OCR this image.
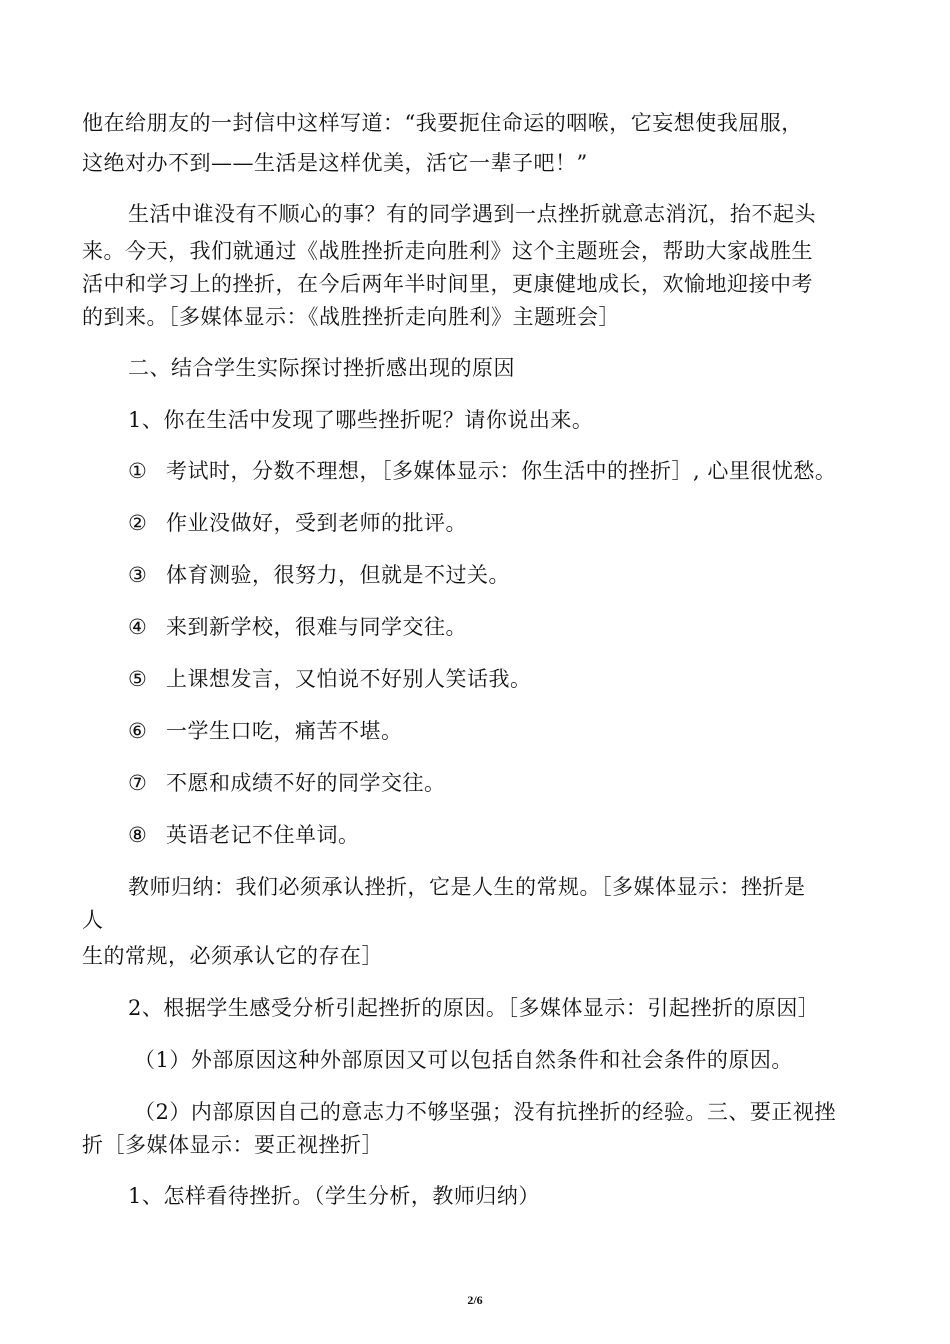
他在给朋友的一封信中这样写道：“我要扼住命运的咽喉，它妄想使我屈服，
这绝对办不到——生活是这样优美，活它一辈子吧！”
生活中谁没有不顺心的事？有的同学遇到一点挫折就意志消沉，抬不起头
来。今天，我们就通过《战胜挫折走向胜利》这个主题班会，帮助大家战胜生
活中和学习上的挫折，在今后两年半时间里，更康健地成长，欢愉地迎接中考
的到来。［多媒体显示：《战胜挫折走向胜利》主题班会］
二、结合学生实际探讨挫折感出现的原因
1、你在生活中发现了哪些挫折呢？请你说出来。
① 考试时，分数不理想，［多媒体显示：你生活中的挫折］, 心里很忧愁。
② 作业没做好，受到老师的批评。
③ 体育测验，很努力，但就是不过关。
④ 来到新学校，很难与同学交往。
⑤ 上课想发言，又怕说不好别人笑话我。
⑥ 一学生口吃，痛苦不堪。
⑦ 不愿和成绩不好的同学交往。
⑧ 英语老记不住单词。
教师归纳：我们必须承认挫折，它是人生的常规。［多媒体显示：挫折是
人
生的常规，必须承认它的存在］
2、根据学生感受分析引起挫折的原因。［多媒体显示：引起挫折的原因］
（1）外部原因这种外部原因又可以包括自然条件和社会条件的原因。
（2）内部原因自己的意志力不够坚强；没有抗挫折的经验。三、要正视挫
折［多媒体显示：要正视挫折］
1、怎样看待挫折。（学生分析，教师归纳）
2/6
